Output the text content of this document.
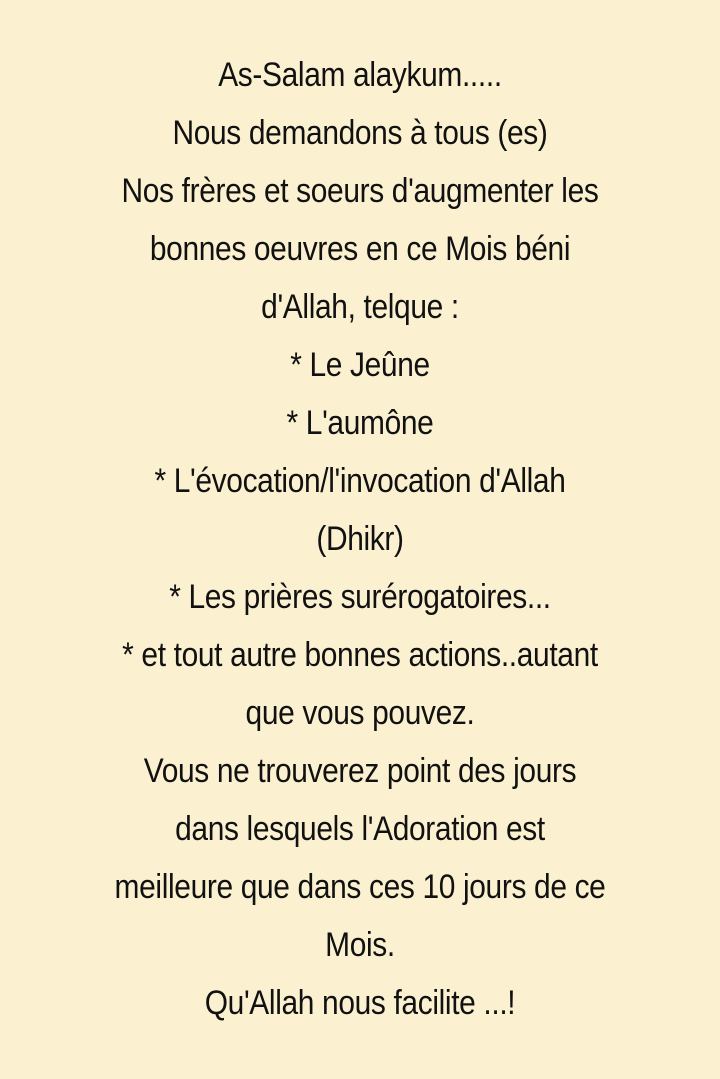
As-Salam alaykum.....

Nous demandons à tous (es)

Nos frères et soeurs d'augmenter les

bonnes oeuvres en ce Mois béni

d'Allah, telque :

* Le Jeûne

* L'aumône

* L'évocation/l'invocation d'Allah

(Dhikr)

* Les prières surérogatoires...

* et tout autre bonnes actions..autant

que vous pouvez.

Vous ne trouverez point des jours

dans lesquels l'Adoration est

meilleure que dans ces 10 jours de ce

Mois.

Qu'Allah nous facilite ...!
